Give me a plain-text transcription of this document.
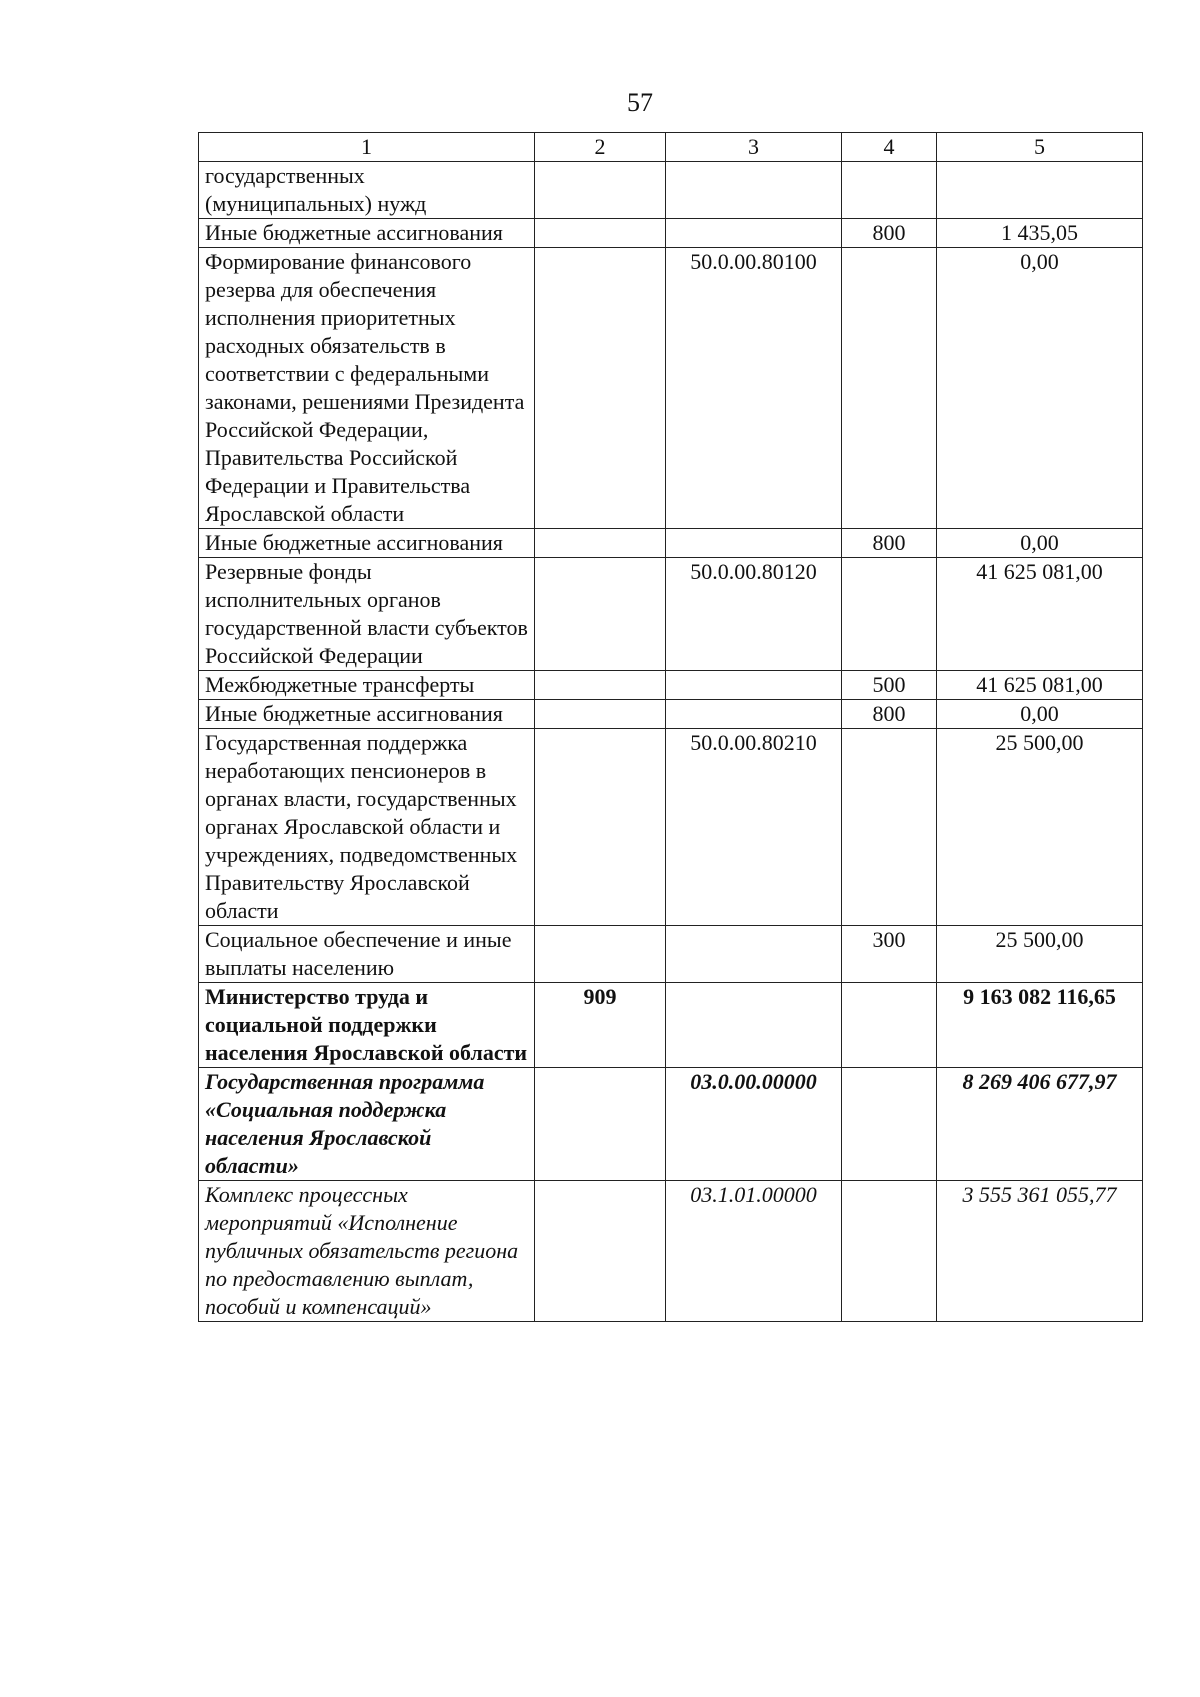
57
1	2	3	4	5
государственных (муниципальных) нужд				
Иные бюджетные ассигнования			800	1 435,05
Формирование финансового резерва для обеспечения исполнения приоритетных расходных обязательств в соответствии с федеральными законами, решениями Президента Российской Федерации, Правительства Российской Федерации и Правительства Ярославской области		50.0.00.80100		0,00
Иные бюджетные ассигнования			800	0,00
Резервные фонды исполнительных органов государственной власти субъектов Российской Федерации		50.0.00.80120		41 625 081,00
Межбюджетные трансферты			500	41 625 081,00
Иные бюджетные ассигнования			800	0,00
Государственная поддержка неработающих пенсионеров в органах власти, государственных органах Ярославской области и учреждениях, подведомственных Правительству Ярославской области		50.0.00.80210		25 500,00
Социальное обеспечение и иные выплаты населению			300	25 500,00
Министерство труда и социальной поддержки населения Ярославской области	909			9 163 082 116,65
Государственная программа «Социальная поддержка населения Ярославской области»		03.0.00.00000		8 269 406 677,97
Комплекс процессных мероприятий «Исполнение публичных обязательств региона по предоставлению выплат, пособий и компенсаций»		03.1.01.00000		3 555 361 055,77
